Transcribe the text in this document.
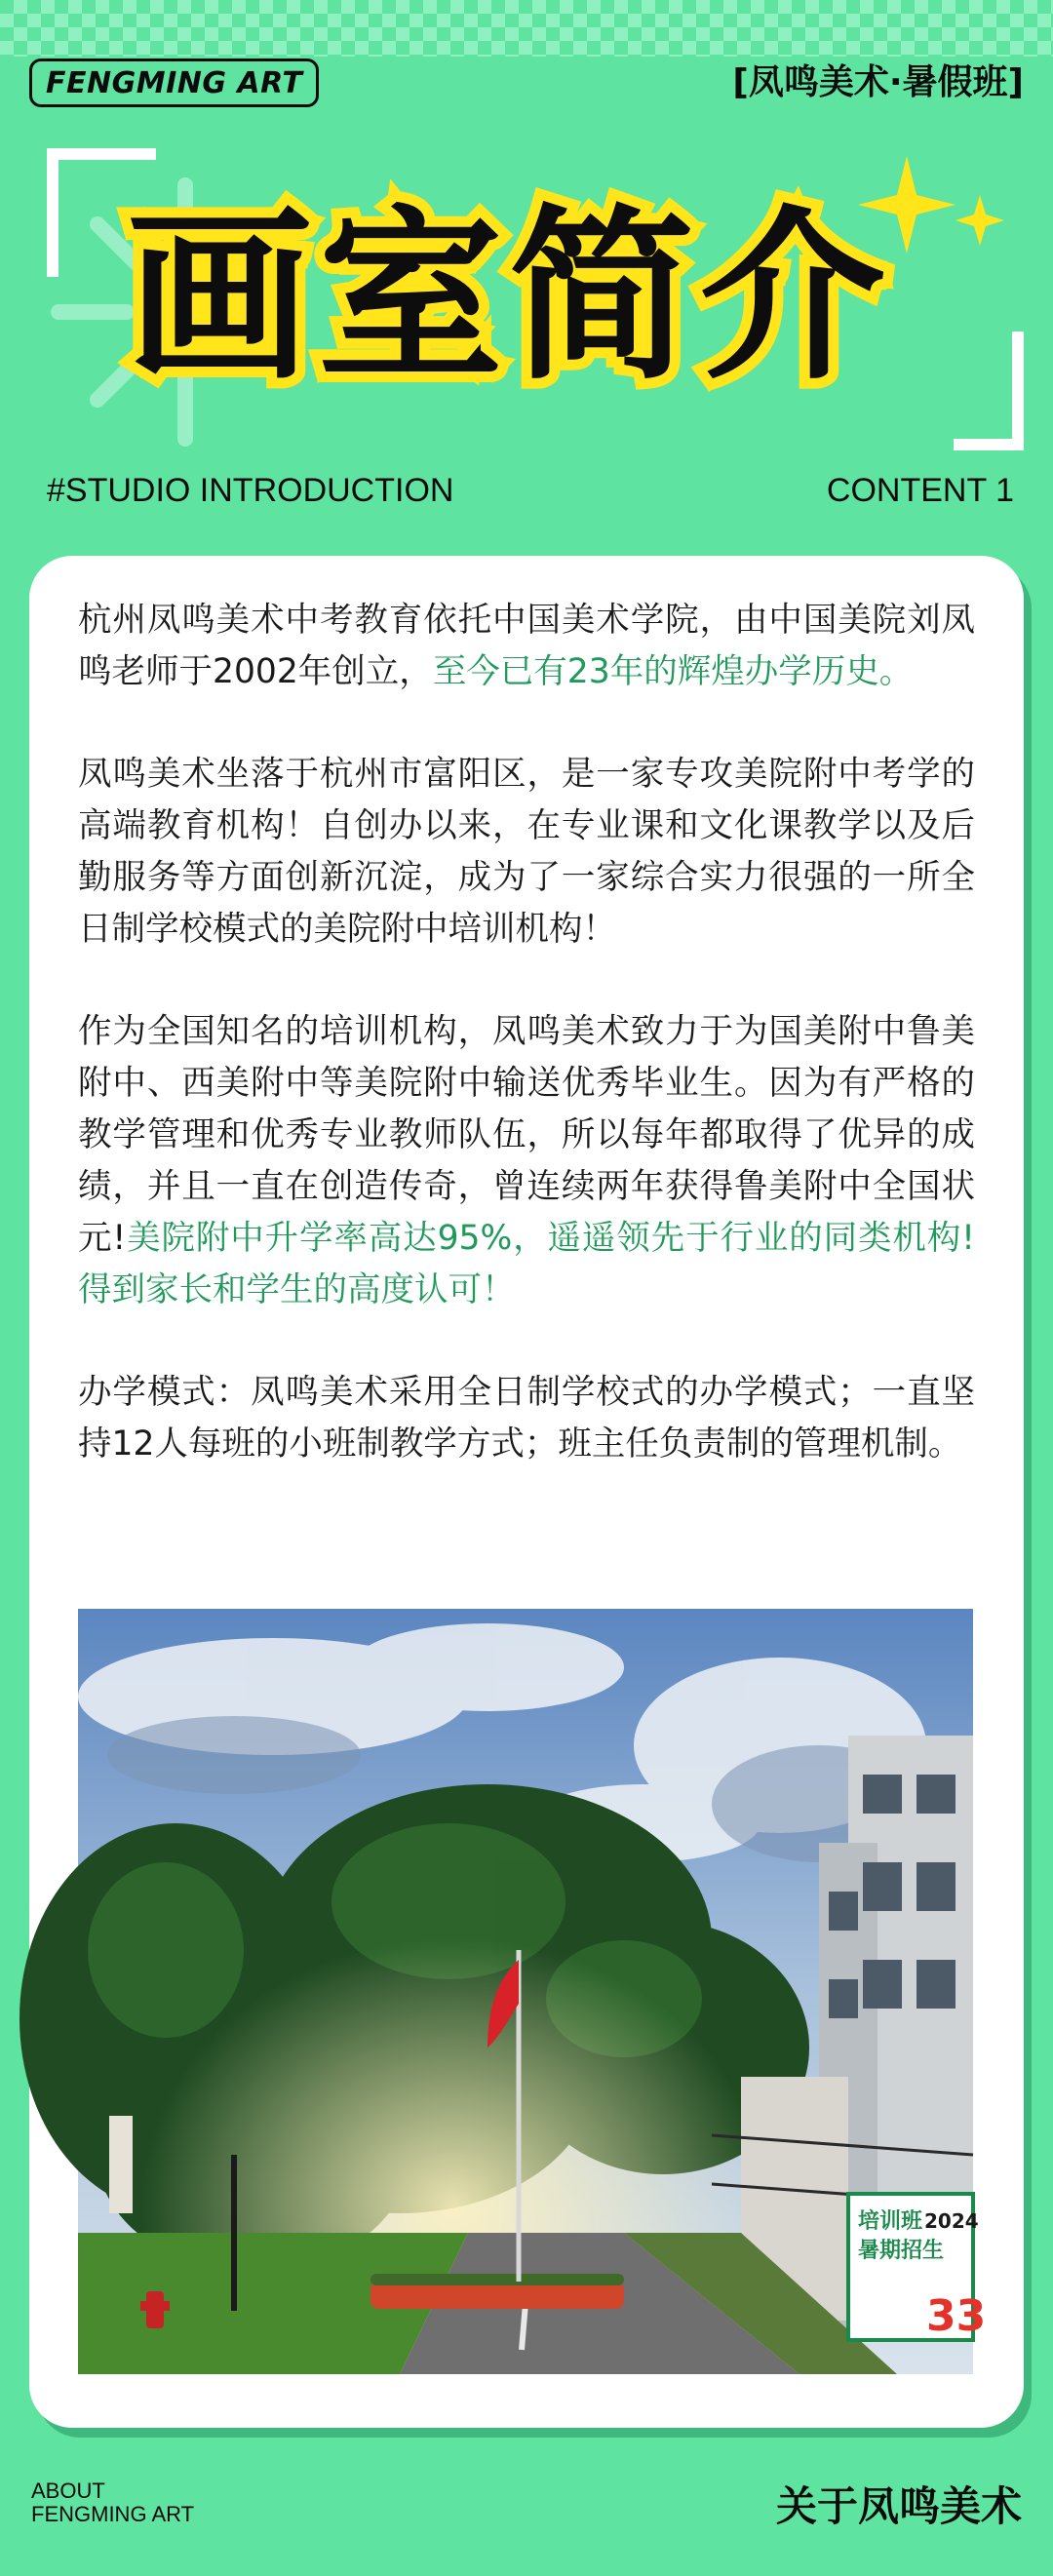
FENGMING ART	[凤鸣美术·暑假班]
画室简介
#STUDIO INTRODUCTION	CONTENT 1

杭州凤鸣美术中考教育依托中国美术学院，由中国美院刘凤鸣老师于2002年创立，至今已有23年的辉煌办学历史。

凤鸣美术坐落于杭州市富阳区，是一家专攻美院附中考学的高端教育机构！自创办以来，在专业课和文化课教学以及后勤服务等方面创新沉淀，成为了一家综合实力很强的一所全日制学校模式的美院附中培训机构！

作为全国知名的培训机构，凤鸣美术致力于为国美附中鲁美附中、西美附中等美院附中输送优秀毕业生。因为有严格的教学管理和优秀专业教师队伍，所以每年都取得了优异的成绩，并且一直在创造传奇，曾连续两年获得鲁美附中全国状元!美院附中升学率高达95%，遥遥领先于行业的同类机构!得到家长和学生的高度认可！

办学模式：凤鸣美术采用全日制学校式的办学模式；一直坚持12人每班的小班制教学方式；班主任负责制的管理机制。

培训班
暑期招生
2024
33
ABOUT
FENGMING ART	关于凤鸣美术
